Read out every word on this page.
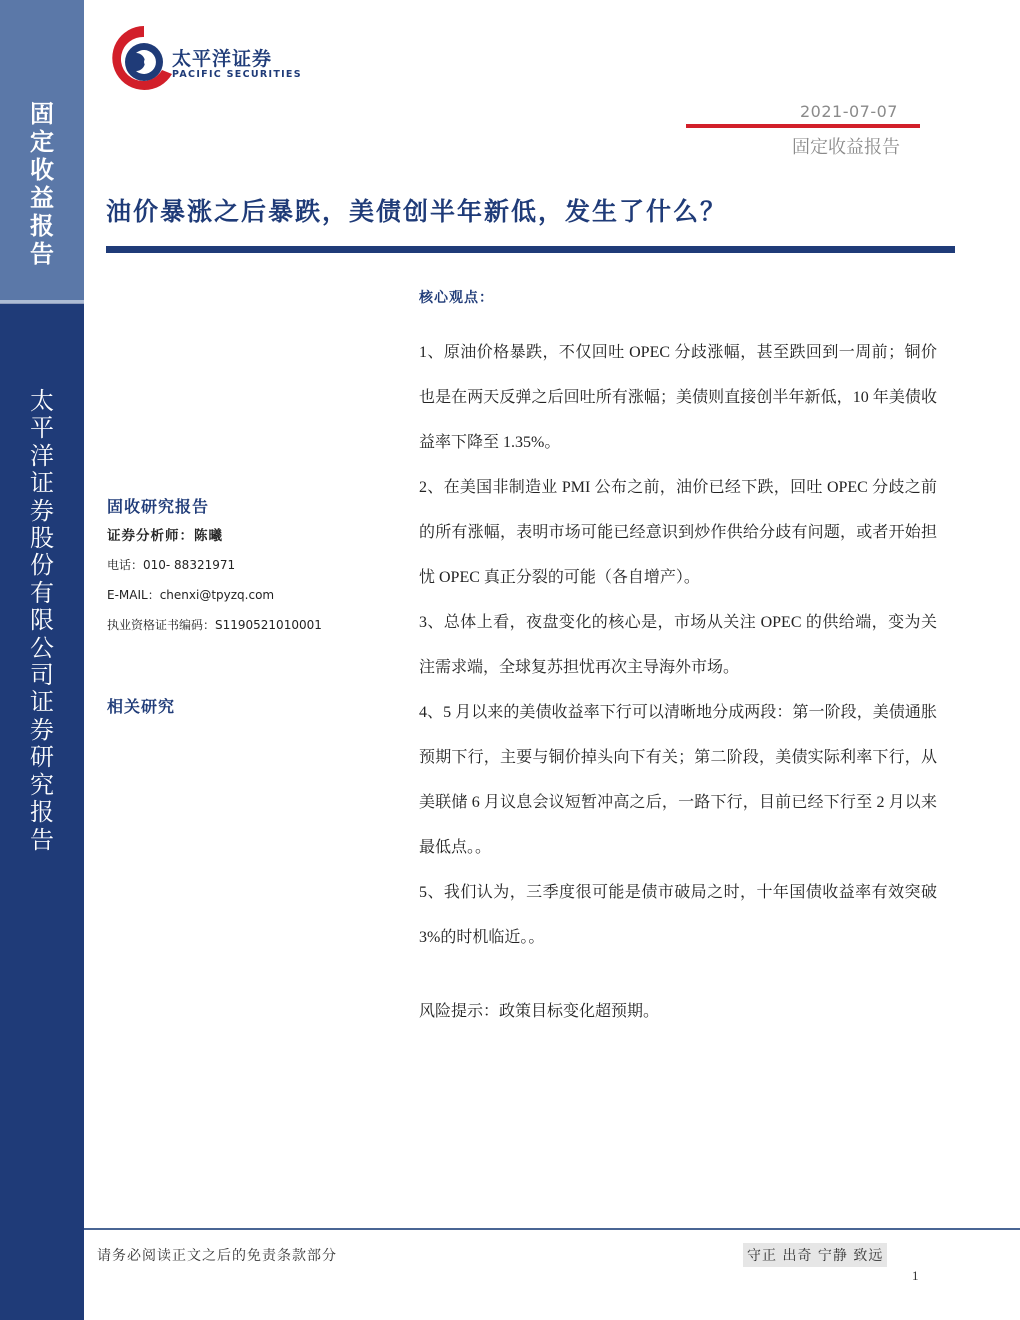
固
定
收
益
报
告
太
平
洋
证
券
股
份
有
限
公
司
证
券
研
究
报
告
太平洋证券
PACIFIC SECURITIES
2021-07-07
固定收益报告
油价暴涨之后暴跌，美债创半年新低，发生了什么？
固收研究报告
证券分析师：陈曦
电话：010- 88321971
E-MAIL：chenxi@tpyzq.com
执业资格证书编码：S1190521010001
相关研究
核心观点：

1、原油价格暴跌，不仅回吐 OPEC 分歧涨幅，甚至跌回到一周前；铜价也是在两天反弹之后回吐所有涨幅；美债则直接创半年新低，10 年美债收益率下降至 1.35%。

2、在美国非制造业 PMI 公布之前，油价已经下跌，回吐 OPEC 分歧之前的所有涨幅，表明市场可能已经意识到炒作供给分歧有问题，或者开始担忧 OPEC 真正分裂的可能（各自增产）。

3、总体上看，夜盘变化的核心是，市场从关注 OPEC 的供给端，变为关注需求端，全球复苏担忧再次主导海外市场。

4、5 月以来的美债收益率下行可以清晰地分成两段：第一阶段，美债通胀预期下行，主要与铜价掉头向下有关；第二阶段，美债实际利率下行，从美联储 6 月议息会议短暂冲高之后，一路下行，目前已经下行至 2 月以来最低点。。

5、我们认为，三季度很可能是债市破局之时，十年国债收益率有效突破 3%的时机临近。。

风险提示：政策目标变化超预期。
请务必阅读正文之后的免责条款部分	守正 出奇 宁静 致远
1
